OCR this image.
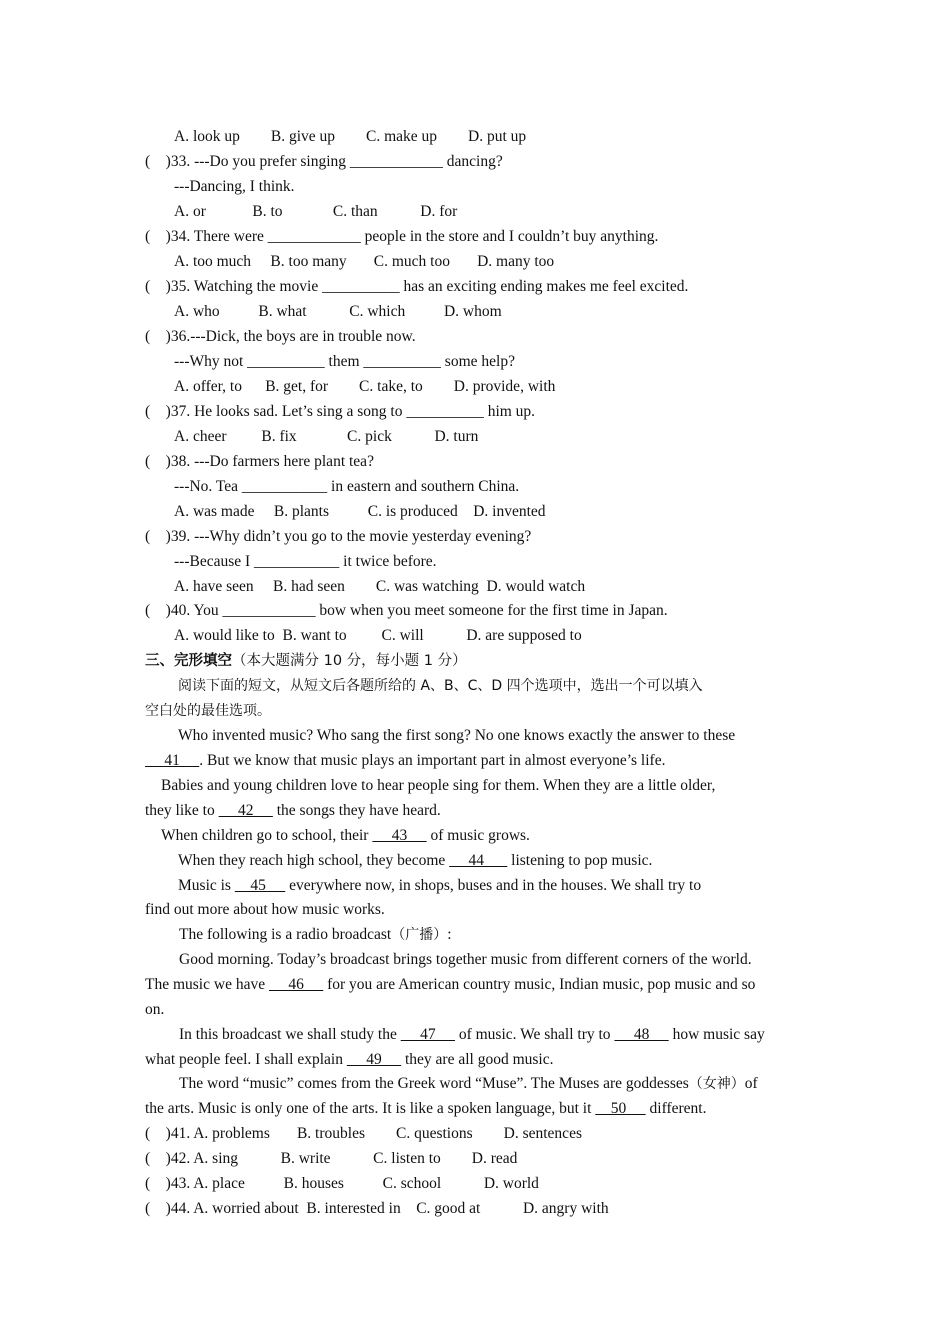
A. look up        B. give up        C. make up        D. put up
(    )33. ---Do you prefer singing ____________ dancing?
---Dancing, I think.
A. or            B. to             C. than           D. for
(    )34. There were ____________ people in the store and I couldn’t buy anything.
A. too much     B. too many       C. much too       D. many too
(    )35. Watching the movie __________ has an exciting ending makes me feel excited.
A. who          B. what           C. which          D. whom
(    )36.---Dick, the boys are in trouble now.
---Why not __________ them __________ some help?
A. offer, to      B. get, for        C. take, to        D. provide, with
(    )37. He looks sad. Let’s sing a song to __________ him up.
A. cheer         B. fix             C. pick           D. turn
(    )38. ---Do farmers here plant tea?
---No. Tea ___________ in eastern and southern China.
A. was made     B. plants          C. is produced    D. invented
(    )39. ---Why didn’t you go to the movie yesterday evening?
---Because I ___________ it twice before.
A. have seen     B. had seen        C. was watching  D. would watch
(    )40. You ____________ bow when you meet someone for the first time in Japan.
A. would like to  B. want to         C. will           D. are supposed to
三、完形填空（本大题满分 10 分，每小题 1 分）
阅读下面的短文，从短文后各题所给的 A、B、C、D 四个选项中，选出一个可以填入
空白处的最佳选项。
Who invented music? Who sang the first song? No one knows exactly the answer to these
41     . But we know that music plays an important part in almost everyone’s life.
Babies and young children love to hear people sing for them. When they are a little older,
they like to      42      the songs they have heard.
When children go to school, their      43      of music grows.
When they reach high school, they become      44       listening to pop music.
Music is     45      everywhere now, in shops, buses and in the houses. We shall try to
find out more about how music works.
The following is a radio broadcast（广播）:
Good morning. Today’s broadcast brings together music from different corners of the world.
The music we have      46      for you are American country music, Indian music, pop music and so
on.
In this broadcast we shall study the      47      of music. We shall try to      48      how music say
what people feel. I shall explain      49      they are all good music.
The word “music” comes from the Greek word “Muse”. The Muses are goddesses（女神）of
the arts. Music is only one of the arts. It is like a spoken language, but it     50      different.
(    )41. A. problems       B. troubles        C. questions        D. sentences
(    )42. A. sing           B. write           C. listen to        D. read
(    )43. A. place          B. houses          C. school           D. world
(    )44. A. worried about  B. interested in    C. good at           D. angry with
